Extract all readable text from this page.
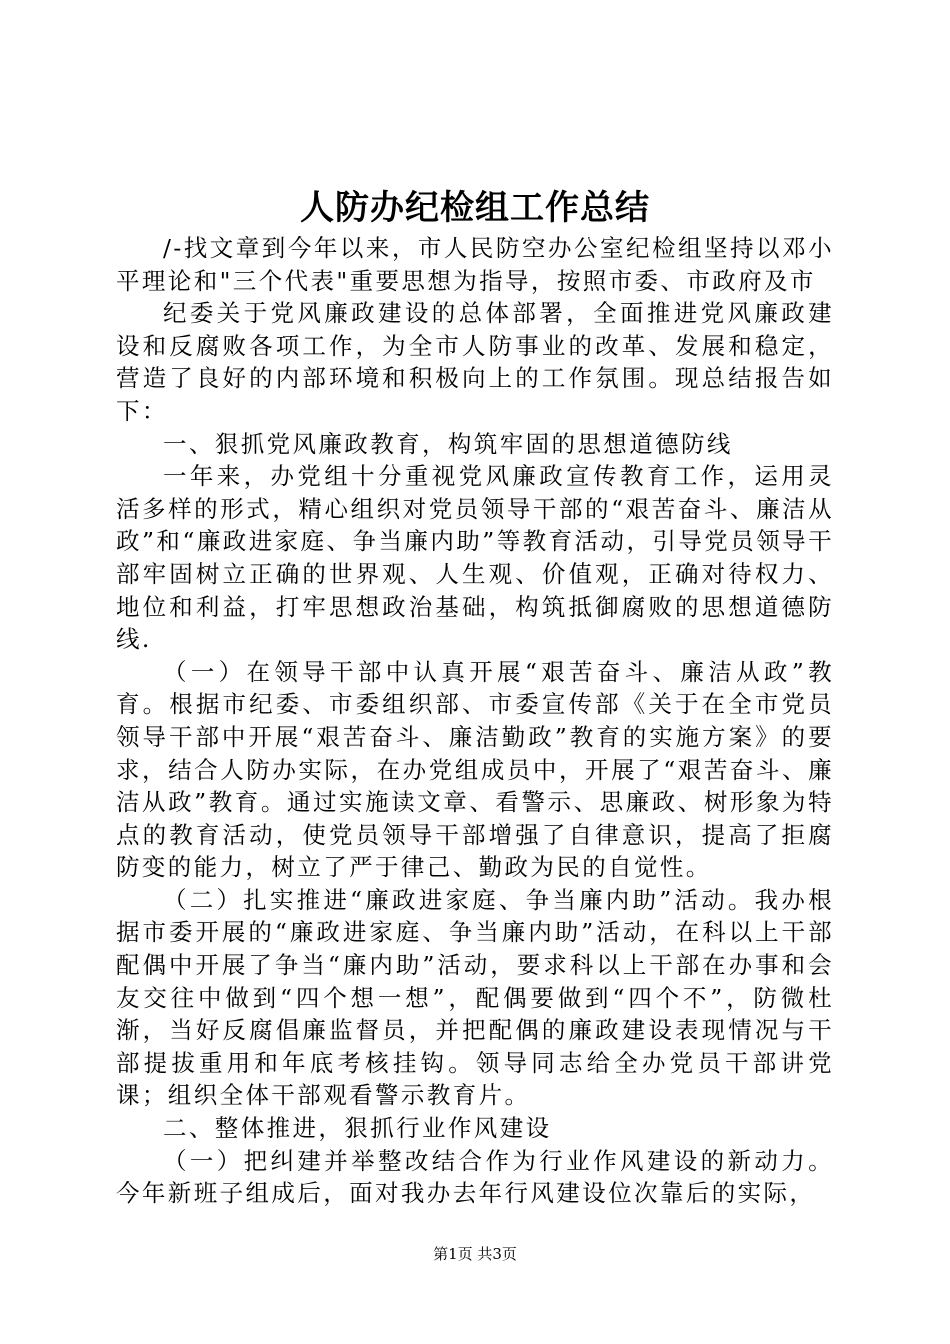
人防办纪检组工作总结

/-找文章到今年以来，市人民防空办公室纪检组坚持以邓小平理论和"三个代表"重要思想为指导，按照市委、市政府及市

纪委关于党风廉政建设的总体部署，全面推进党风廉政建设和反腐败各项工作，为全市人防事业的改革、发展和稳定，营造了良好的内部环境和积极向上的工作氛围。现总结报告如下：

一、狠抓党风廉政教育，构筑牢固的思想道德防线

一年来，办党组十分重视党风廉政宣传教育工作，运用灵活多样的形式，精心组织对党员领导干部的“艰苦奋斗、廉洁从政”和“廉政进家庭、争当廉内助”等教育活动，引导党员领导干部牢固树立正确的世界观、人生观、价值观，正确对待权力、地位和利益，打牢思想政治基础，构筑抵御腐败的思想道德防线.

（一）在领导干部中认真开展“艰苦奋斗、廉洁从政”教育。根据市纪委、市委组织部、市委宣传部《关于在全市党员领导干部中开展“艰苦奋斗、廉洁勤政”教育的实施方案》的要求，结合人防办实际，在办党组成员中，开展了“艰苦奋斗、廉洁从政”教育。通过实施读文章、看警示、思廉政、树形象为特点的教育活动，使党员领导干部增强了自律意识，提高了拒腐防变的能力，树立了严于律己、勤政为民的自觉性。

（二）扎实推进“廉政进家庭、争当廉内助”活动。我办根据市委开展的“廉政进家庭、争当廉内助”活动，在科以上干部配偶中开展了争当“廉内助”活动，要求科以上干部在办事和会友交往中做到“四个想一想”，配偶要做到“四个不”，防微杜渐，当好反腐倡廉监督员，并把配偶的廉政建设表现情况与干部提拔重用和年底考核挂钩。领导同志给全办党员干部讲党课；组织全体干部观看警示教育片。

二、整体推进，狠抓行业作风建设

（一）把纠建并举整改结合作为行业作风建设的新动力。今年新班子组成后，面对我办去年行风建设位次靠后的实际，

第1页 共3页
